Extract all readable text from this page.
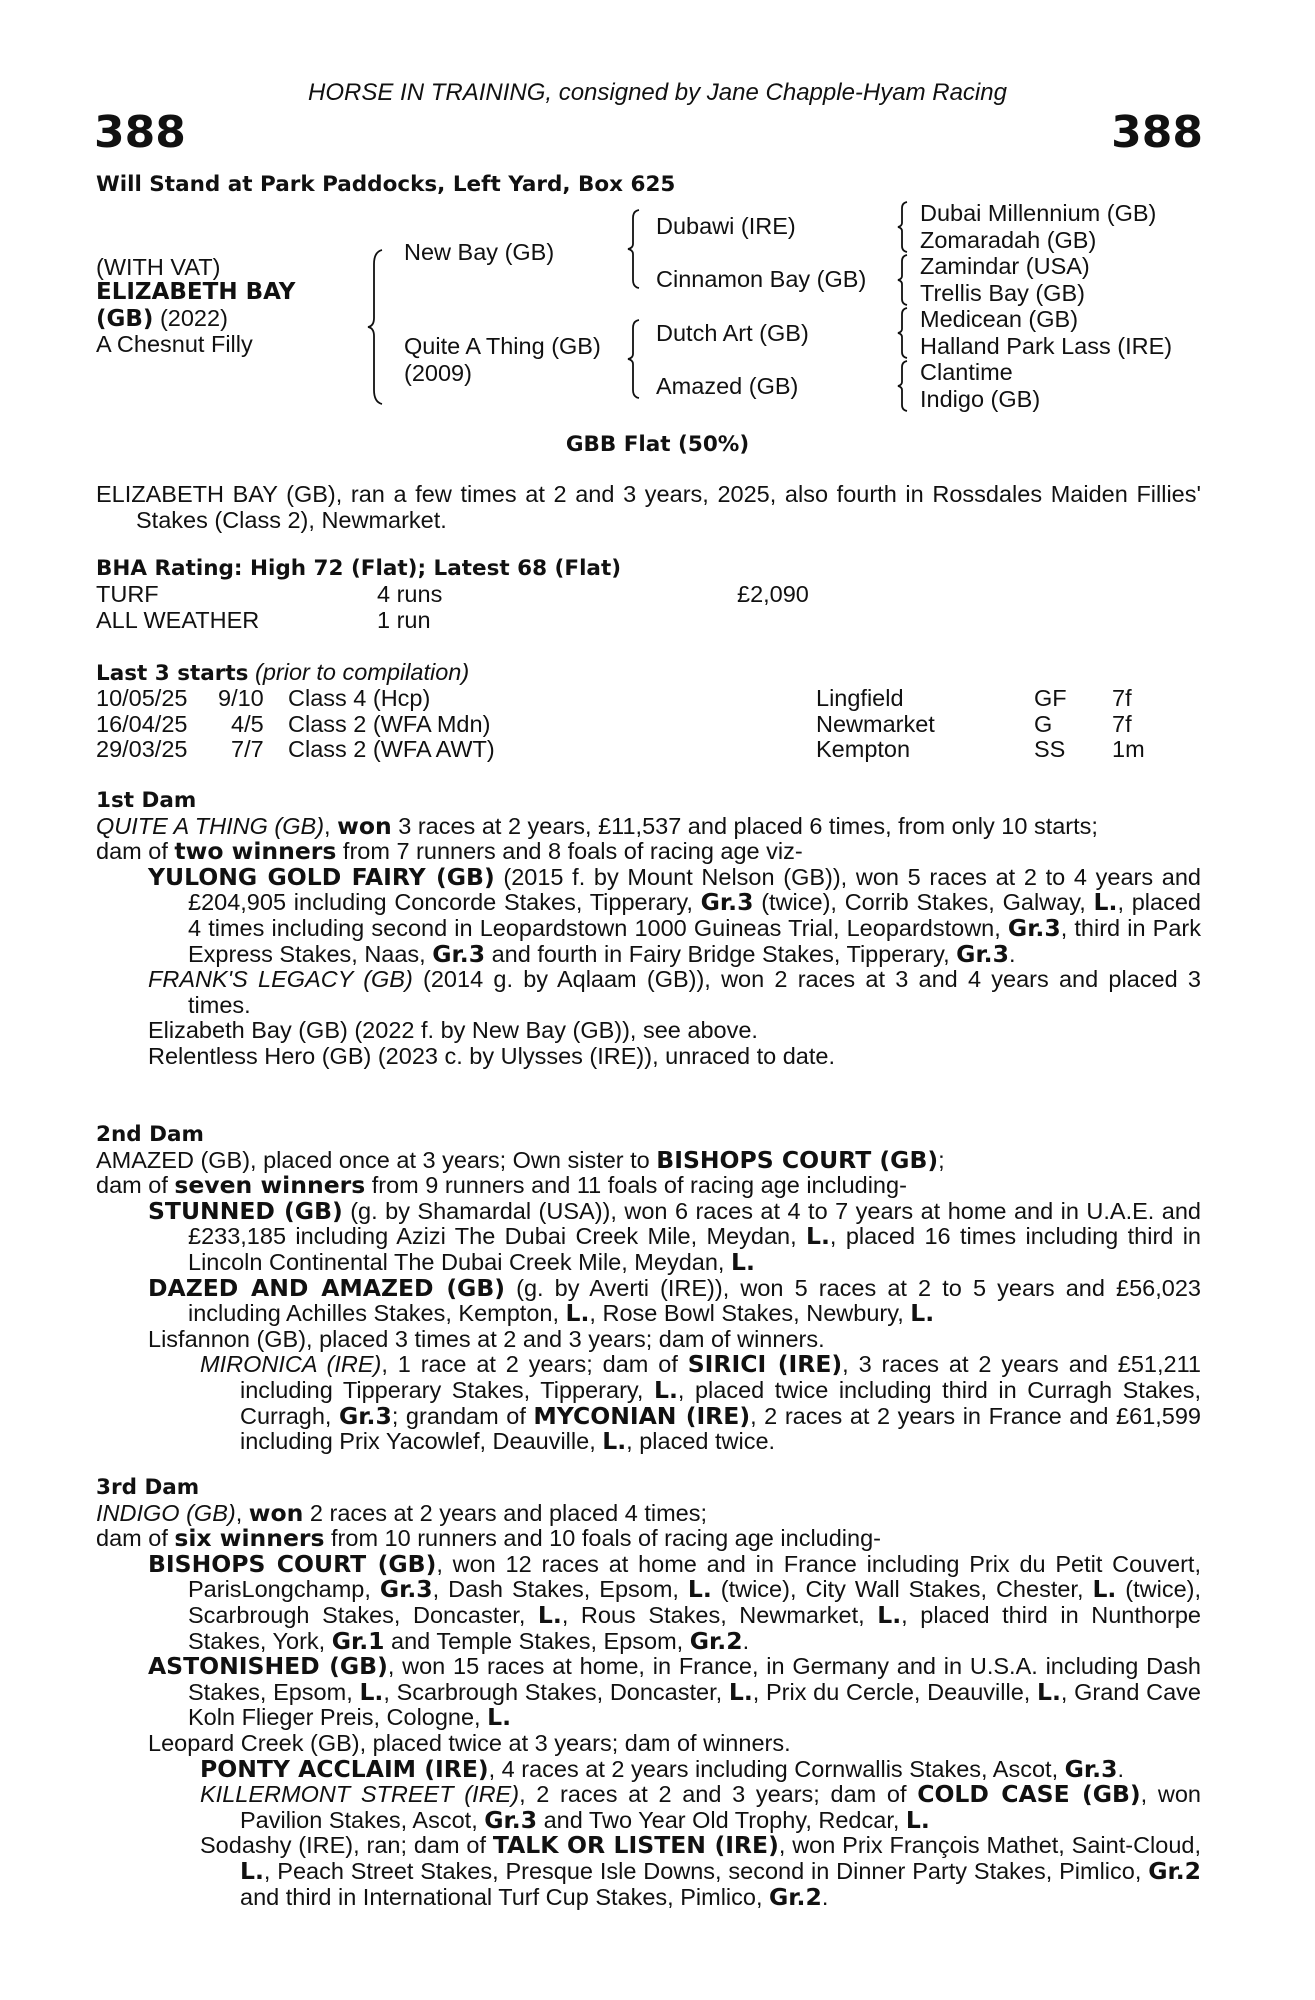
HORSE IN TRAINING, consigned by Jane Chapple-Hyam Racing
388	388
Will Stand at Park Paddocks, Left Yard, Box 625
(WITH VAT)
ELIZABETH BAY
(GB) (2022)
A Chesnut Filly
New Bay (GB)
Quite A Thing (GB)
(2009)
Dubawi (IRE)
Cinnamon Bay (GB)
Dutch Art (GB)
Amazed (GB)
Dubai Millennium (GB)
Zomaradah (GB)
Zamindar (USA)
Trellis Bay (GB)
Medicean (GB)
Halland Park Lass (IRE)
Clantime
Indigo (GB)
GBB Flat (50%)

ELIZABETH BAY (GB), ran a few times at 2 and 3 years, 2025, also fourth in Rossdales Maiden Fillies' Stakes (Class 2), Newmarket.

BHA Rating: High 72 (Flat); Latest 68 (Flat)
TURF	4 runs	£2,090
ALL WEATHER	1 run
Last 3 starts (prior to compilation)
10/05/25 9/10 Class 4 (Hcp)	Lingfield	GF 7f
16/04/25 4/5 Class 2 (WFA Mdn)	Newmarket	G	7f
29/03/25 7/7 Class 2 (WFA AWT)	Kempton	SS 1m

1st Dam

QUITE A THING (GB), won 3 races at 2 years, £11,537 and placed 6 times, from only 10 starts;

dam of two winners from 7 runners and 8 foals of racing age viz-

YULONG GOLD FAIRY (GB) (2015 f. by Mount Nelson (GB)), won 5 races at 2 to 4 years and £204,905 including Concorde Stakes, Tipperary, Gr.3 (twice), Corrib Stakes, Galway, L., placed 4 times including second in Leopardstown 1000 Guineas Trial, Leopardstown, Gr.3, third in Park Express Stakes, Naas, Gr.3 and fourth in Fairy Bridge Stakes, Tipperary, Gr.3.

FRANK'S LEGACY (GB) (2014 g. by Aqlaam (GB)), won 2 races at 3 and 4 years and placed 3 times.

Elizabeth Bay (GB) (2022 f. by New Bay (GB)), see above.

Relentless Hero (GB) (2023 c. by Ulysses (IRE)), unraced to date.

2nd Dam

AMAZED (GB), placed once at 3 years; Own sister to BISHOPS COURT (GB);

dam of seven winners from 9 runners and 11 foals of racing age including-

STUNNED (GB) (g. by Shamardal (USA)), won 6 races at 4 to 7 years at home and in U.A.E. and £233,185 including Azizi The Dubai Creek Mile, Meydan, L., placed 16 times including third in Lincoln Continental The Dubai Creek Mile, Meydan, L.

DAZED AND AMAZED (GB) (g. by Averti (IRE)), won 5 races at 2 to 5 years and £56,023 including Achilles Stakes, Kempton, L., Rose Bowl Stakes, Newbury, L.

Lisfannon (GB), placed 3 times at 2 and 3 years; dam of winners.

MIRONICA (IRE), 1 race at 2 years; dam of SIRICI (IRE), 3 races at 2 years and £51,211 including Tipperary Stakes, Tipperary, L., placed twice including third in Curragh Stakes, Curragh, Gr.3; grandam of MYCONIAN (IRE), 2 races at 2 years in France and £61,599 including Prix Yacowlef, Deauville, L., placed twice.

3rd Dam

INDIGO (GB), won 2 races at 2 years and placed 4 times;

dam of six winners from 10 runners and 10 foals of racing age including-

BISHOPS COURT (GB), won 12 races at home and in France including Prix du Petit Couvert, ParisLongchamp, Gr.3, Dash Stakes, Epsom, L. (twice), City Wall Stakes, Chester, L. (twice), Scarbrough Stakes, Doncaster, L., Rous Stakes, Newmarket, L., placed third in Nunthorpe Stakes, York, Gr.1 and Temple Stakes, Epsom, Gr.2.

ASTONISHED (GB), won 15 races at home, in France, in Germany and in U.S.A. including Dash Stakes, Epsom, L., Scarbrough Stakes, Doncaster, L., Prix du Cercle, Deauville, L., Grand Cave Koln Flieger Preis, Cologne, L.

Leopard Creek (GB), placed twice at 3 years; dam of winners.

PONTY ACCLAIM (IRE), 4 races at 2 years including Cornwallis Stakes, Ascot, Gr.3.

KILLERMONT STREET (IRE), 2 races at 2 and 3 years; dam of COLD CASE (GB), won Pavilion Stakes, Ascot, Gr.3 and Two Year Old Trophy, Redcar, L.

Sodashy (IRE), ran; dam of TALK OR LISTEN (IRE), won Prix François Mathet, Saint-Cloud, L., Peach Street Stakes, Presque Isle Downs, second in Dinner Party Stakes, Pimlico, Gr.2 and third in International Turf Cup Stakes, Pimlico, Gr.2.
